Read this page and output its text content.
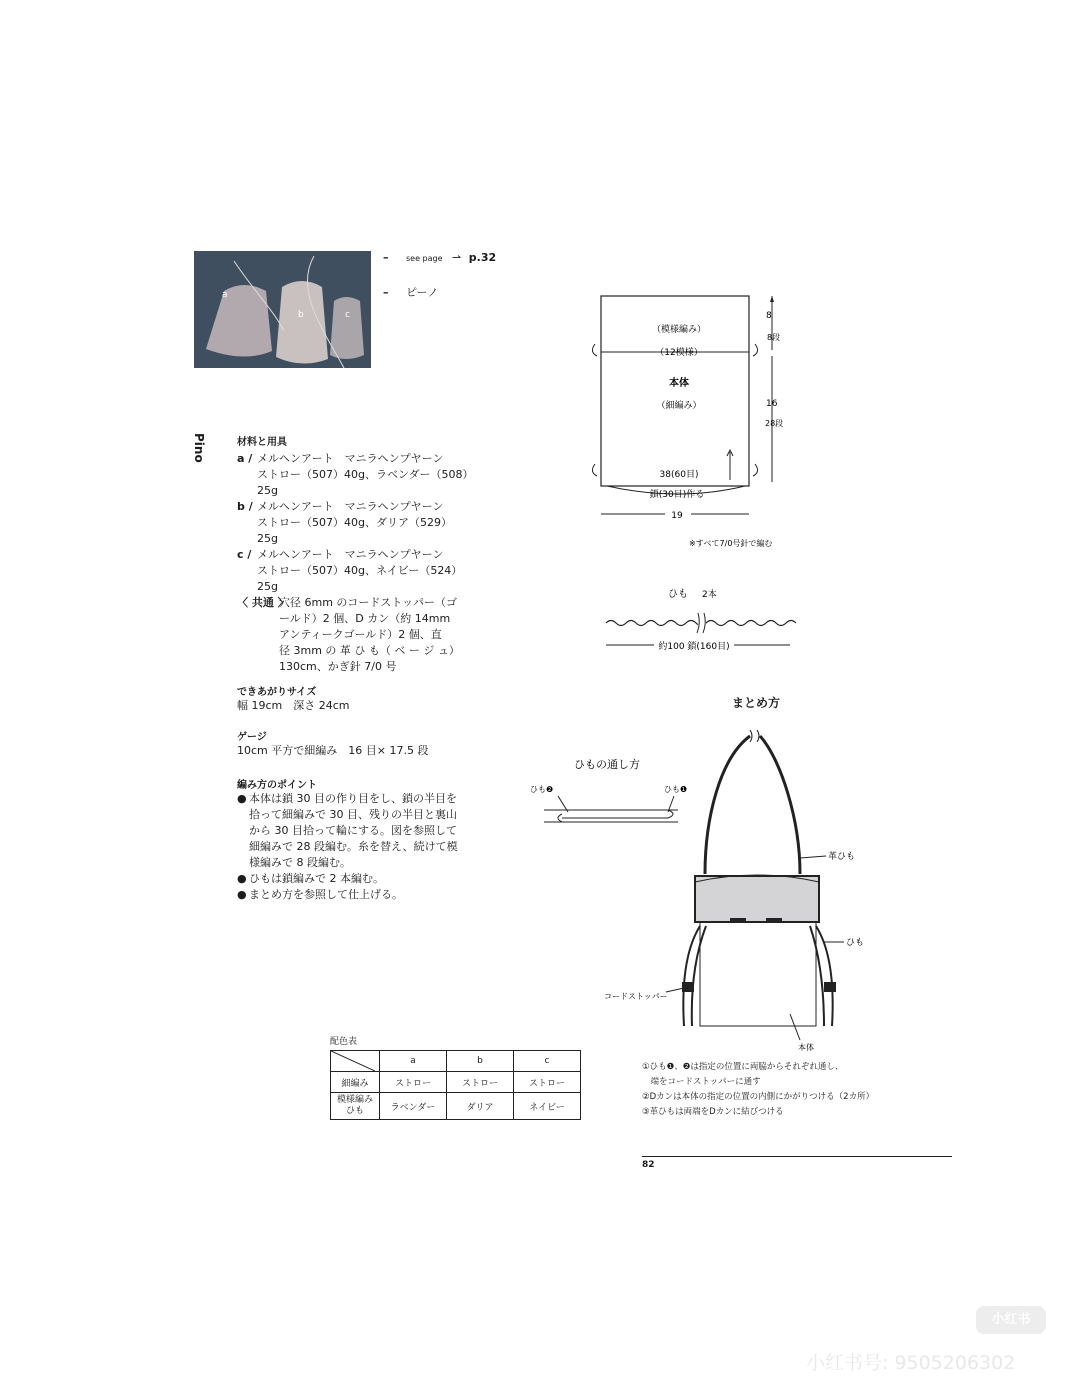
a
b	c
– see page ⇀ p.32
– ピーノ
Pino	材料と用具
a / メルヘンアート　マニラヘンプヤーン
ストロー（507）40g、ラベンダー（508）
25g
b / メルヘンアート　マニラヘンプヤーン
ストロー（507）40g、ダリア（529）
25g
c / メルヘンアート　マニラヘンプヤーン
ストロー（507）40g、ネイビー（524）
25g
〈 共通 〉
穴径 6mm のコードストッパー（ゴ
ールド）2 個、D カン（約 14mm
アンティークゴールド）2 個、直
径 3mm の 革 ひ も（ ベ ー ジ ュ）
130cm、かぎ針 7/0 号
できあがりサイズ
幅 19cm　深さ 24cm
ゲージ
10cm 平方で細編み　16 目× 17.5 段
編み方のポイント
● 本体は鎖 30 目の作り目をし、鎖の半目を
拾って細編みで 30 目、残りの半目と裏山
から 30 目拾って輪にする。図を参照して
細編みで 28 段編む。糸を替え、続けて模
様編みで 8 段編む。
● ひもは鎖編みで 2 本編む。
● まとめ方を参照して仕上げる。
配色表
	a	b	c
細編み	ストロー	ストロー	ストロー
模様編み ひも	ラベンダー	ダリア	ネイビー
（模様編み）
（12模様）
本体
（細編み）
38(60目)
鎖(30目)作る
19
8
8段
16
28段
※すべて7/0号針で編む
ひも 2本
約100 鎖(160目)
ひもの通し方
ひも❷	ひも❶
まとめ方
革ひも
ひも
コードストッパー
本体
①ひも❶、❷は指定の位置に両脇からそれぞれ通し、
　端をコードストッパーに通す
②Dカンは本体の指定の位置の内側にかがりつける（2カ所）
③革ひもは両端をDカンに結びつける
82
小红书
小红书号: 9505206302
